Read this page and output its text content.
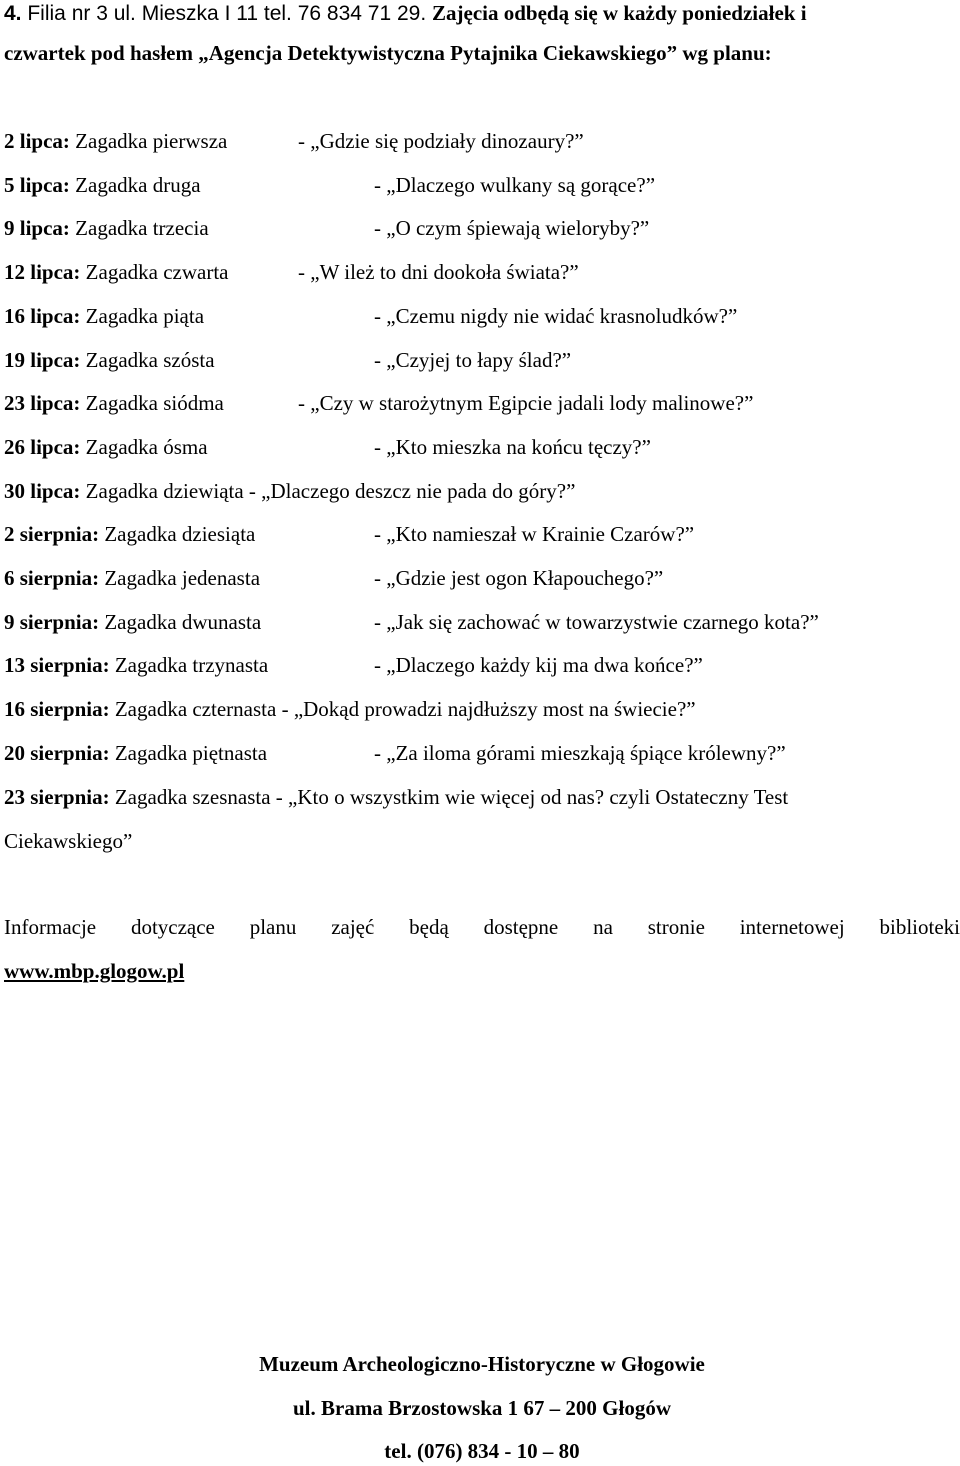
4. Filia nr 3 ul. Mieszka I 11 tel. 76 834 71 29. Zajęcia odbędą się w każdy poniedziałek i
czwartek pod hasłem „Agencja Detektywistyczna Pytajnika Ciekawskiego” wg planu:
2 lipca: Zagadka pierwsza	- „Gdzie się podziały dinozaury?”
5 lipca: Zagadka druga	- „Dlaczego wulkany są gorące?”
9 lipca: Zagadka trzecia	- „O czym śpiewają wieloryby?”
12 lipca: Zagadka czwarta	- „W ileż to dni dookoła świata?”
16 lipca: Zagadka piąta	- „Czemu nigdy nie widać krasnoludków?”
19 lipca: Zagadka szósta	- „Czyjej to łapy ślad?”
23 lipca: Zagadka siódma	- „Czy w starożytnym Egipcie jadali lody malinowe?”
26 lipca: Zagadka ósma	- „Kto mieszka na końcu tęczy?”
30 lipca: Zagadka dziewiąta - „Dlaczego deszcz nie pada do góry?”
2 sierpnia: Zagadka dziesiąta	- „Kto namieszał w Krainie Czarów?”
6 sierpnia: Zagadka jedenasta	- „Gdzie jest ogon Kłapouchego?”
9 sierpnia: Zagadka dwunasta	- „Jak się zachować w towarzystwie czarnego kota?”
13 sierpnia: Zagadka trzynasta	- „Dlaczego każdy kij ma dwa końce?”
16 sierpnia: Zagadka czternasta - „Dokąd prowadzi najdłuższy most na świecie?”
20 sierpnia: Zagadka piętnasta	- „Za iloma górami mieszkają śpiące królewny?”
23 sierpnia: Zagadka szesnasta - „Kto o wszystkim wie więcej od nas? czyli Ostateczny Test
Ciekawskiego”
Informacje dotyczące planu zajęć będą dostępne na stronie internetowej biblioteki
www.mbp.glogow.pl
Muzeum Archeologiczno-Historyczne w Głogowie
ul. Brama Brzostowska 1 67 – 200 Głogów
tel. (076) 834 - 10 – 80
